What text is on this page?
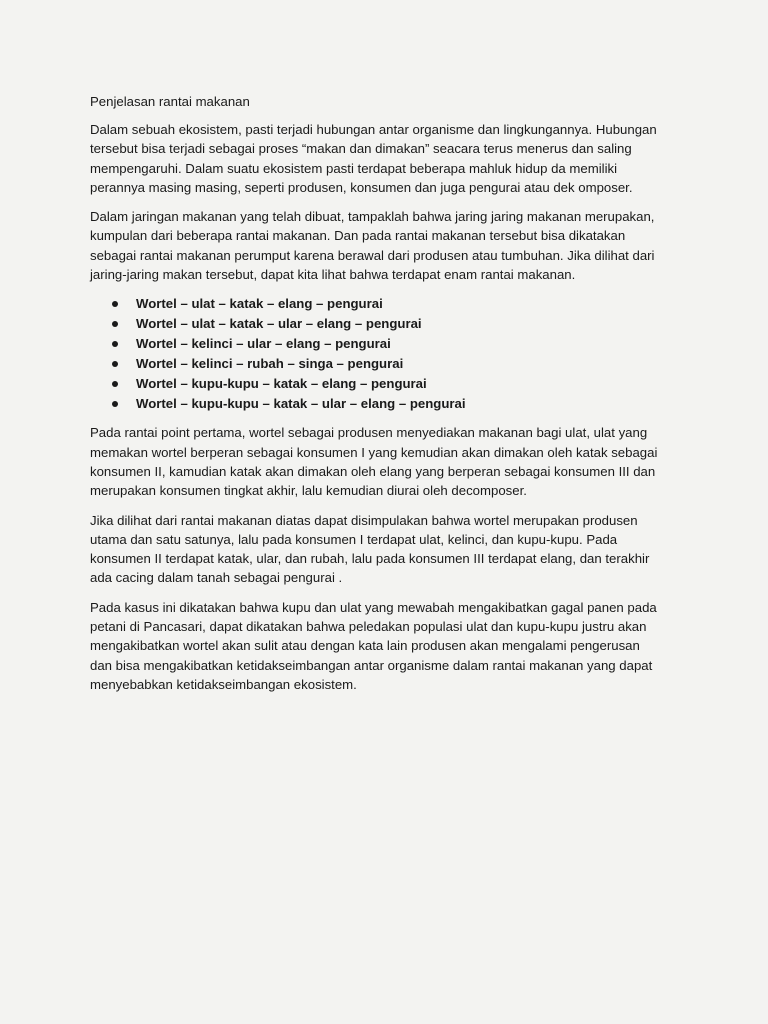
Penjelasan rantai makanan

Dalam sebuah ekosistem, pasti terjadi hubungan antar organisme dan lingkungannya. Hubungan tersebut bisa terjadi sebagai proses “makan dan dimakan” seacara terus menerus dan saling mempengaruhi. Dalam suatu ekosistem pasti terdapat beberapa mahluk hidup da memiliki perannya masing masing, seperti produsen, konsumen dan juga pengurai atau dek omposer.

Dalam jaringan makanan yang telah dibuat, tampaklah bahwa jaring jaring makanan merupakan, kumpulan dari beberapa rantai makanan. Dan pada rantai makanan tersebut bisa dikatakan sebagai rantai makanan perumput karena berawal dari produsen atau tumbuhan. Jika dilihat dari jaring-jaring makan tersebut, dapat kita lihat bahwa terdapat enam rantai makanan.

Wortel – ulat – katak – elang – pengurai
Wortel – ulat – katak – ular – elang – pengurai
Wortel – kelinci – ular – elang – pengurai
Wortel – kelinci – rubah – singa – pengurai
Wortel – kupu-kupu – katak – elang – pengurai
Wortel – kupu-kupu – katak – ular – elang – pengurai

Pada rantai point pertama, wortel sebagai produsen menyediakan makanan bagi ulat, ulat yang memakan wortel berperan sebagai konsumen I yang kemudian akan dimakan oleh katak sebagai konsumen II, kamudian katak akan dimakan oleh elang yang berperan sebagai konsumen III dan merupakan konsumen tingkat akhir, lalu kemudian diurai oleh decomposer.

Jika dilihat dari rantai makanan diatas dapat disimpulakan bahwa wortel merupakan produsen utama dan satu satunya, lalu pada konsumen I terdapat ulat, kelinci, dan kupu-kupu. Pada konsumen II terdapat katak, ular, dan rubah, lalu pada konsumen III terdapat elang, dan terakhir ada cacing dalam tanah sebagai pengurai .

Pada kasus ini dikatakan bahwa kupu dan ulat yang mewabah mengakibatkan gagal panen pada petani di Pancasari, dapat dikatakan bahwa peledakan populasi ulat dan kupu-kupu justru akan mengakibatkan wortel akan sulit atau dengan kata lain produsen akan mengalami pengerusan dan bisa mengakibatkan ketidakseimbangan antar organisme dalam rantai makanan yang dapat menyebabkan ketidakseimbangan ekosistem.
